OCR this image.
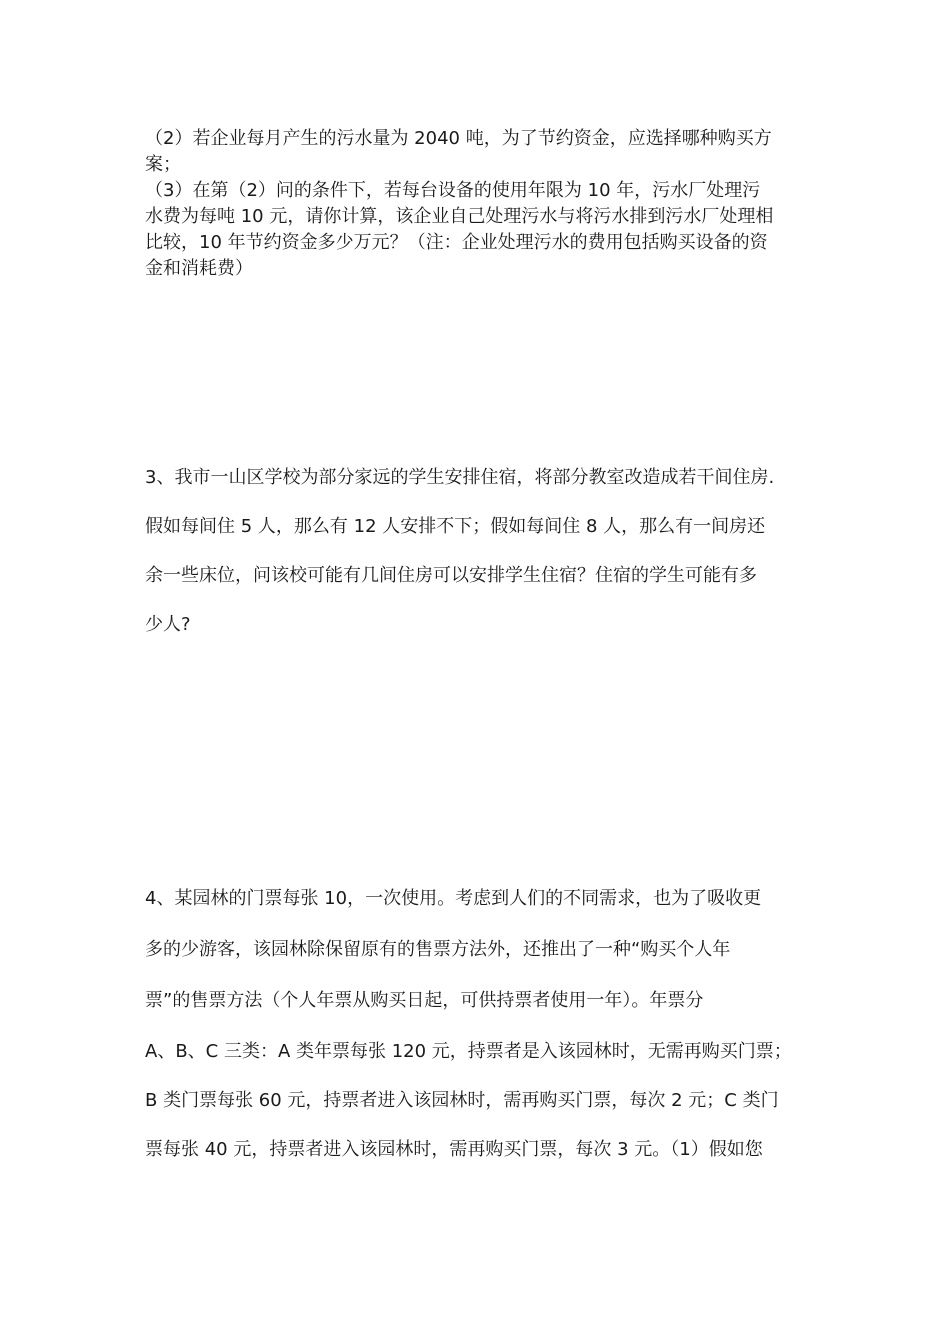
（2）若企业每月产生的污水量为 2040 吨，为了节约资金，应选择哪种购买方
案；
（3）在第（2）问的条件下，若每台设备的使用年限为 10 年，污水厂处理污
水费为每吨 10 元，请你计算，该企业自己处理污水与将污水排到污水厂处理相
比较，10 年节约资金多少万元？（注：企业处理污水的费用包括购买设备的资
金和消耗费）
3、我市一山区学校为部分家远的学生安排住宿，将部分教室改造成若干间住房.
假如每间住 5 人，那么有 12 人安排不下；假如每间住 8 人，那么有一间房还
余一些床位，问该校可能有几间住房可以安排学生住宿？住宿的学生可能有多
少人?
4、某园林的门票每张 10，一次使用。考虑到人们的不同需求，也为了吸收更
多的少游客，该园林除保留原有的售票方法外，还推出了一种“购买个人年
票”的售票方法（个人年票从购买日起，可供持票者使用一年）。年票分
A、B、C 三类：A 类年票每张 120 元，持票者是入该园林时，无需再购买门票；
B 类门票每张 60 元，持票者进入该园林时，需再购买门票，每次 2 元；C 类门
票每张 40 元，持票者进入该园林时，需再购买门票，每次 3 元。（1）假如您
